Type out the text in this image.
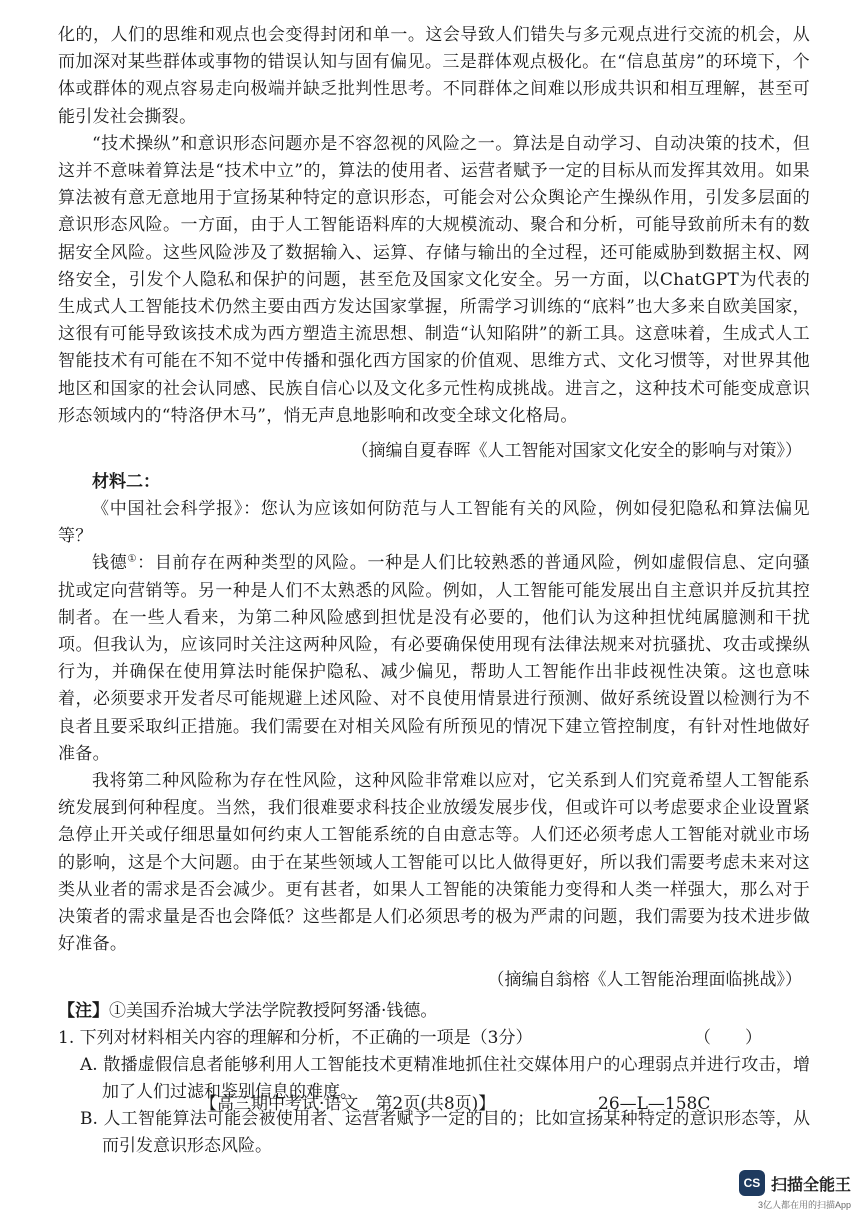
化的，人们的思维和观点也会变得封闭和单一。这会导致人们错失与多元观点进行交流的机会，从而加深对某些群体或事物的错误认知与固有偏见。三是群体观点极化。在“信息茧房”的环境下，个体或群体的观点容易走向极端并缺乏批判性思考。不同群体之间难以形成共识和相互理解，甚至可能引发社会撕裂。

“技术操纵”和意识形态问题亦是不容忽视的风险之一。算法是自动学习、自动决策的技术，但这并不意味着算法是“技术中立”的，算法的使用者、运营者赋予一定的目标从而发挥其效用。如果算法被有意无意地用于宣扬某种特定的意识形态，可能会对公众舆论产生操纵作用，引发多层面的意识形态风险。一方面，由于人工智能语料库的大规模流动、聚合和分析，可能导致前所未有的数据安全风险。这些风险涉及了数据输入、运算、存储与输出的全过程，还可能威胁到数据主权、网络安全，引发个人隐私和保护的问题，甚至危及国家文化安全。另一方面，以ChatGPT为代表的生成式人工智能技术仍然主要由西方发达国家掌握，所需学习训练的“底料”也大多来自欧美国家，这很有可能导致该技术成为西方塑造主流思想、制造“认知陷阱”的新工具。这意味着，生成式人工智能技术有可能在不知不觉中传播和强化西方国家的价值观、思维方式、文化习惯等，对世界其他地区和国家的社会认同感、民族自信心以及文化多元性构成挑战。进言之，这种技术可能变成意识形态领域内的“特洛伊木马”，悄无声息地影响和改变全球文化格局。

（摘编自夏春晖《人工智能对国家文化安全的影响与对策》）

材料二：

《中国社会科学报》：您认为应该如何防范与人工智能有关的风险，例如侵犯隐私和算法偏见等？

钱德①：目前存在两种类型的风险。一种是人们比较熟悉的普通风险，例如虚假信息、定向骚扰或定向营销等。另一种是人们不太熟悉的风险。例如，人工智能可能发展出自主意识并反抗其控制者。在一些人看来，为第二种风险感到担忧是没有必要的，他们认为这种担忧纯属臆测和干扰项。但我认为，应该同时关注这两种风险，有必要确保使用现有法律法规来对抗骚扰、攻击或操纵行为，并确保在使用算法时能保护隐私、减少偏见，帮助人工智能作出非歧视性决策。这也意味着，必须要求开发者尽可能规避上述风险、对不良使用情景进行预测、做好系统设置以检测行为不良者且要采取纠正措施。我们需要在对相关风险有所预见的情况下建立管控制度，有针对性地做好准备。

我将第二种风险称为存在性风险，这种风险非常难以应对，它关系到人们究竟希望人工智能系统发展到何种程度。当然，我们很难要求科技企业放缓发展步伐，但或许可以考虑要求企业设置紧急停止开关或仔细思量如何约束人工智能系统的自由意志等。人们还必须考虑人工智能对就业市场的影响，这是个大问题。由于在某些领域人工智能可以比人做得更好，所以我们需要考虑未来对这类从业者的需求是否会减少。更有甚者，如果人工智能的决策能力变得和人类一样强大，那么对于决策者的需求量是否也会降低？这些都是人们必须思考的极为严肃的问题，我们需要为技术进步做好准备。

（摘编自翁榕《人工智能治理面临挑战》）

【注】①美国乔治城大学法学院教授阿努潘·钱德。

1. 下列对材料相关内容的理解和分析，不正确的一项是（3分）	（　　）

A. 散播虚假信息者能够利用人工智能技术更精准地抓住社交媒体用户的心理弱点并进行攻击，增加了人们过滤和鉴别信息的难度。

B. 人工智能算法可能会被使用者、运营者赋予一定的目的；比如宣扬某种特定的意识形态等，从而引发意识形态风险。

【高三期中考试·语文　第2页(共8页)】	26—L—158C
CS 扫描全能王
3亿人都在用的扫描App
